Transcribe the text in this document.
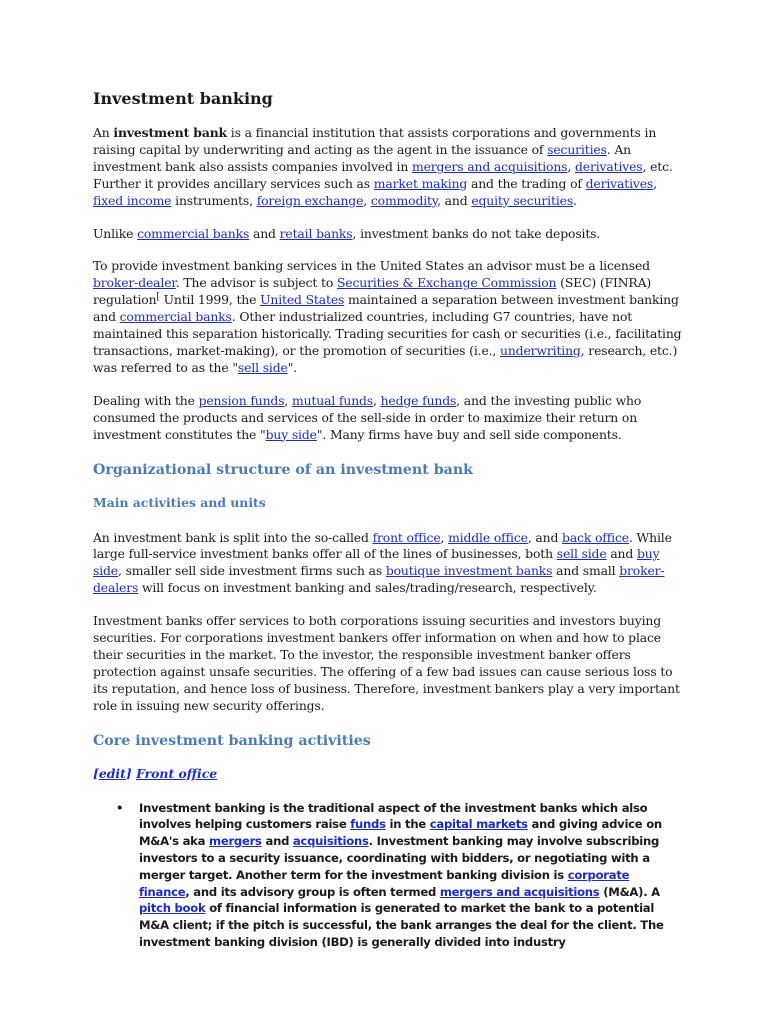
Investment banking

An investment bank is a financial institution that assists corporations and governments in raising capital by underwriting and acting as the agent in the issuance of securities. An investment bank also assists companies involved in mergers and acquisitions, derivatives, etc. Further it provides ancillary services such as market making and the trading of derivatives, fixed income instruments, foreign exchange, commodity, and equity securities.

Unlike commercial banks and retail banks, investment banks do not take deposits.

To provide investment banking services in the United States an advisor must be a licensed broker-dealer. The advisor is subject to Securities & Exchange Commission (SEC) (FINRA) regulation[ Until 1999, the United States maintained a separation between investment banking and commercial banks. Other industrialized countries, including G7 countries, have not maintained this separation historically. Trading securities for cash or securities (i.e., facilitating transactions, market-making), or the promotion of securities (i.e., underwriting, research, etc.) was referred to as the "sell side".

Dealing with the pension funds, mutual funds, hedge funds, and the investing public who consumed the products and services of the sell-side in order to maximize their return on investment constitutes the "buy side". Many firms have buy and sell side components.

Organizational structure of an investment bank
Main activities and units

An investment bank is split into the so-called front office, middle office, and back office. While large full-service investment banks offer all of the lines of businesses, both sell side and buy side, smaller sell side investment firms such as boutique investment banks and small broker-dealers will focus on investment banking and sales/trading/research, respectively.

Investment banks offer services to both corporations issuing securities and investors buying securities. For corporations investment bankers offer information on when and how to place their securities in the market. To the investor, the responsible investment banker offers protection against unsafe securities. The offering of a few bad issues can cause serious loss to its reputation, and hence loss of business. Therefore, investment bankers play a very important role in issuing new security offerings.

Core investment banking activities
[edit] Front office
• Investment banking is the traditional aspect of the investment banks which also involves helping customers raise funds in the capital markets and giving advice on M&A's aka mergers and acquisitions. Investment banking may involve subscribing investors to a security issuance, coordinating with bidders, or negotiating with a merger target. Another term for the investment banking division is corporate finance, and its advisory group is often termed mergers and acquisitions (M&A). A pitch book of financial information is generated to market the bank to a potential M&A client; if the pitch is successful, the bank arranges the deal for the client. The investment banking division (IBD) is generally divided into industry
